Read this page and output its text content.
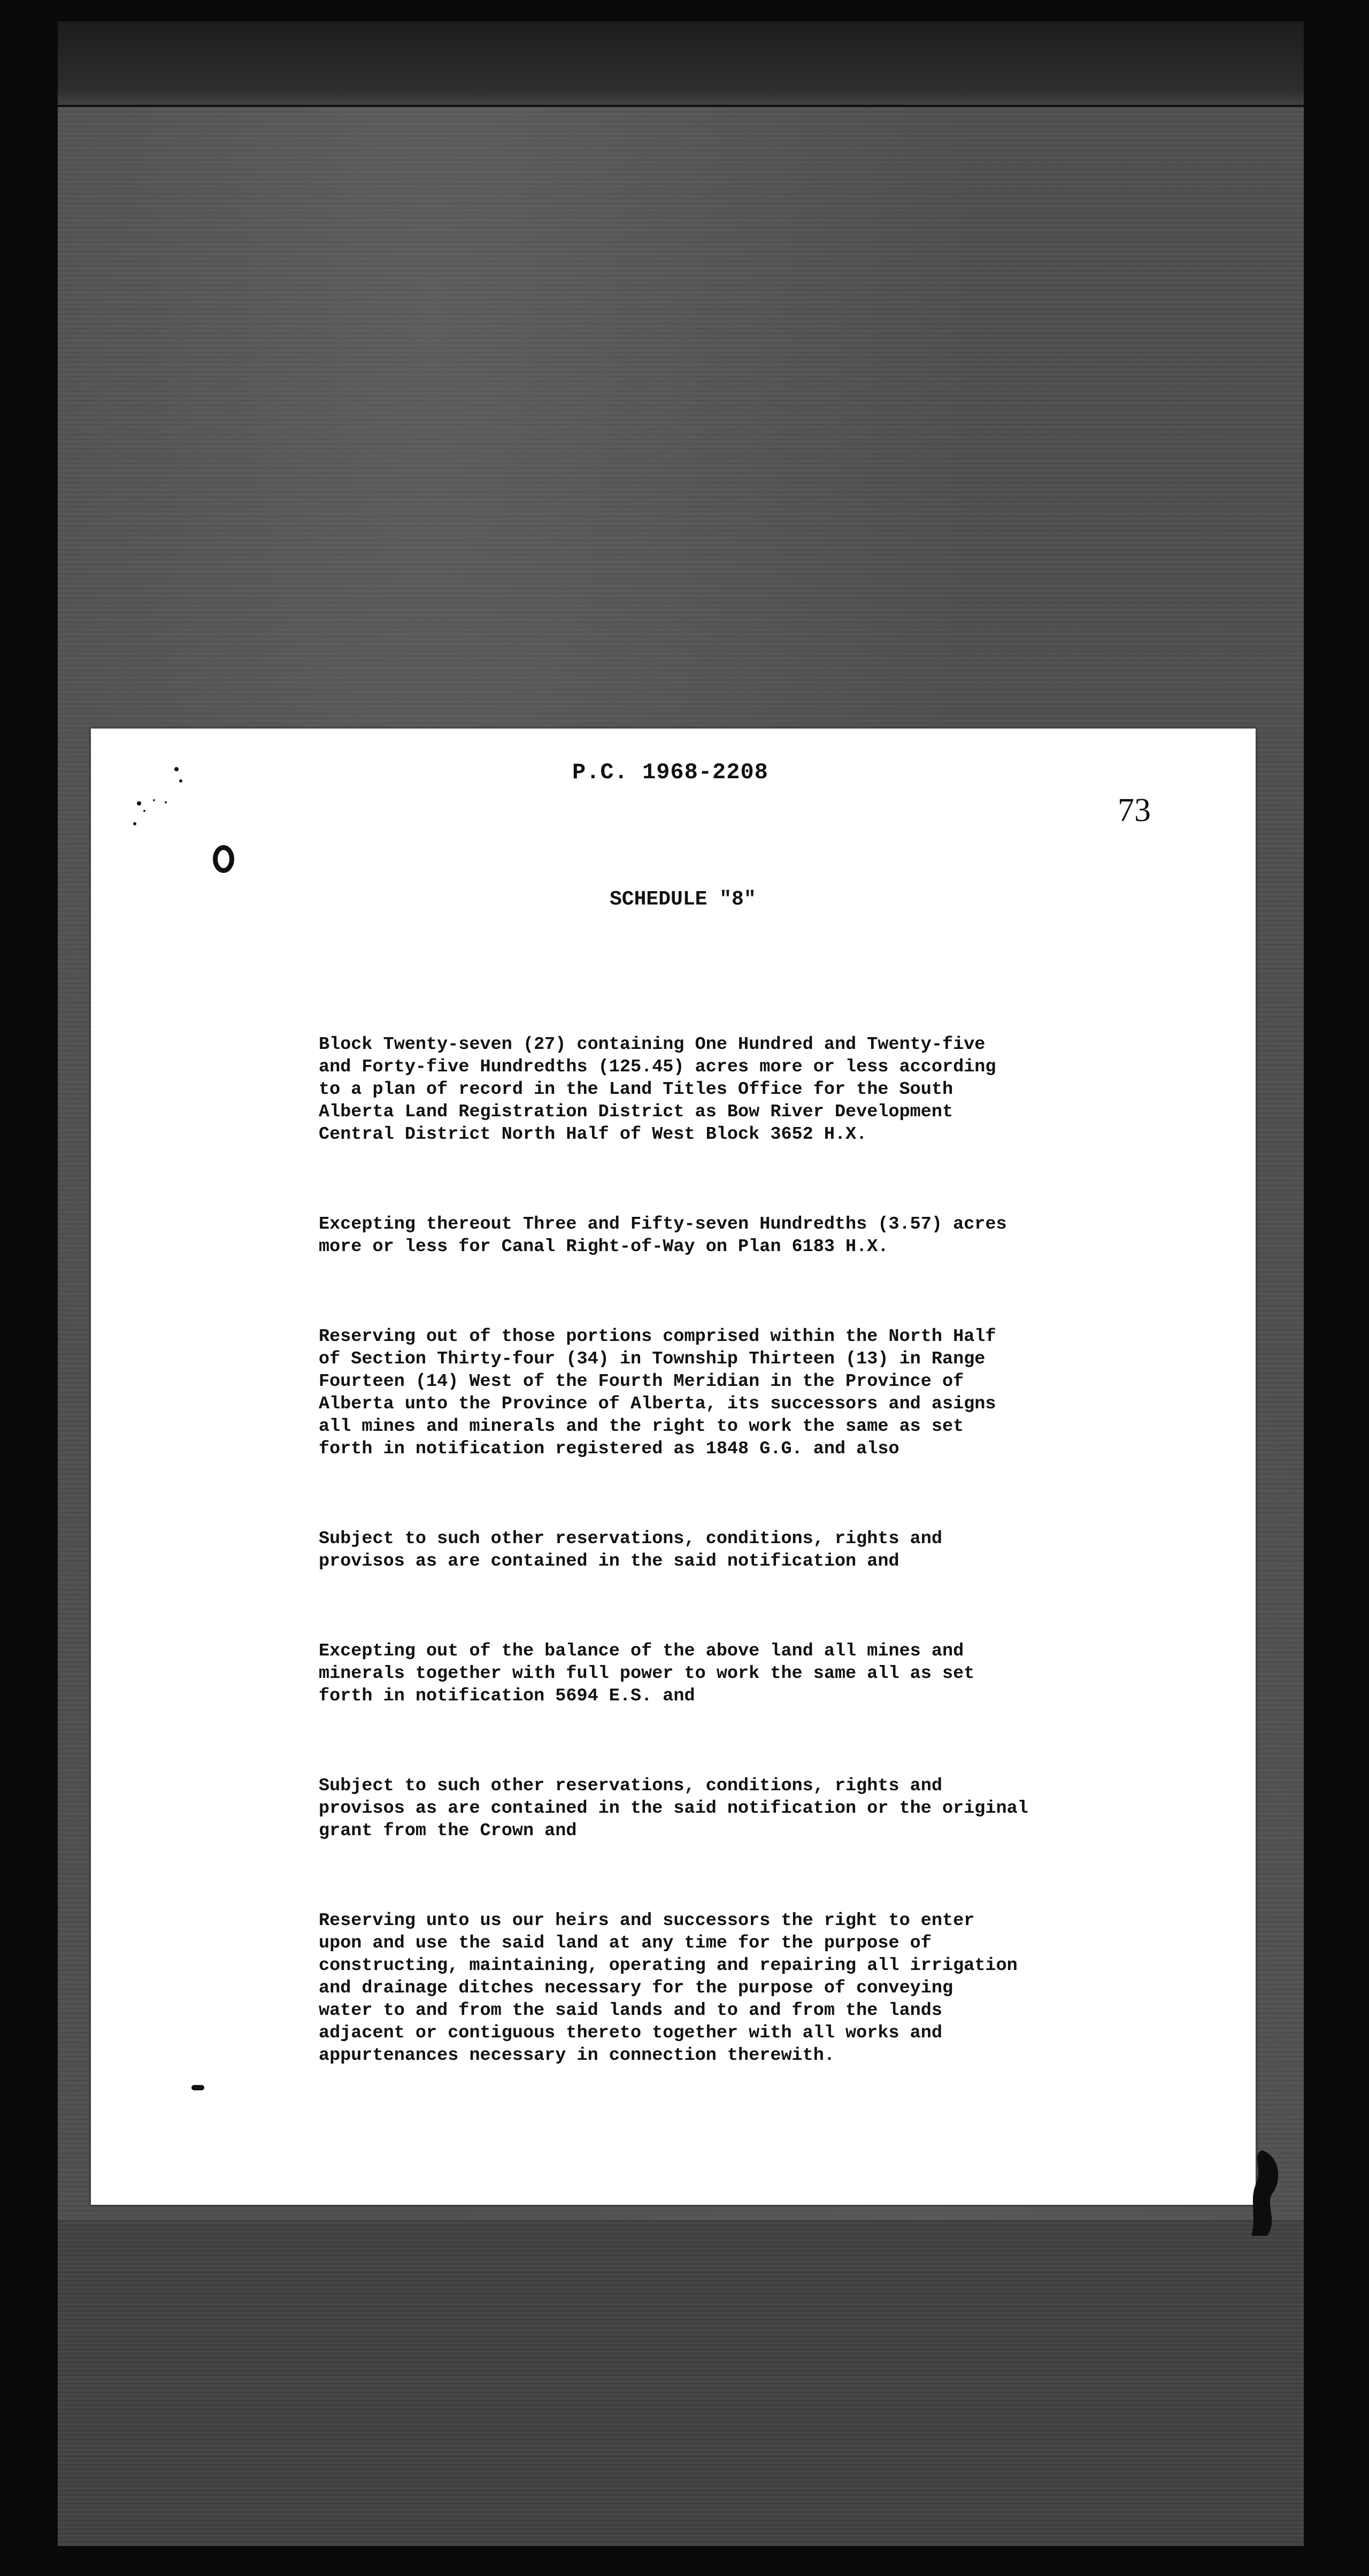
P.C. 1968-2208
73
SCHEDULE "8"

Block Twenty-seven (27) containing One Hundred and Twenty-five
and Forty-five Hundredths (125.45) acres more or less according
to a plan of record in the Land Titles Office for the South
Alberta Land Registration District as Bow River Development
Central District North Half of West Block 3652 H.X.

Excepting thereout Three and Fifty-seven Hundredths (3.57) acres
more or less for Canal Right-of-Way on Plan 6183 H.X.

Reserving out of those portions comprised within the North Half
of Section Thirty-four (34) in Township Thirteen (13) in Range
Fourteen (14) West of the Fourth Meridian in the Province of
Alberta unto the Province of Alberta, its successors and asigns
all mines and minerals and the right to work the same as set
forth in notification registered as 1848 G.G. and also

Subject to such other reservations, conditions, rights and
provisos as are contained in the said notification and

Excepting out of the balance of the above land all mines and
minerals together with full power to work the same all as set
forth in notification 5694 E.S. and

Subject to such other reservations, conditions, rights and
provisos as are contained in the said notification or the original
grant from the Crown and

Reserving unto us our heirs and successors the right to enter
upon and use the said land at any time for the purpose of
constructing, maintaining, operating and repairing all irrigation
and drainage ditches necessary for the purpose of conveying
water to and from the said lands and to and from the lands
adjacent or contiguous thereto together with all works and
appurtenances necessary in connection therewith.
